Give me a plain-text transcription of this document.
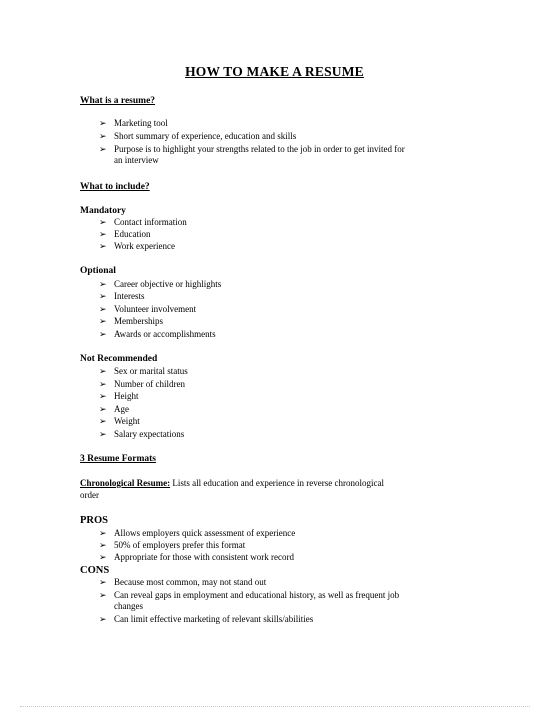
HOW TO MAKE A RESUME
What is a resume?
➢ Marketing tool
➢ Short summary of experience, education and skills
➢ Purpose is to highlight your strengths related to the job in order to get invited for
an interview
What to include?
Mandatory
➢ Contact information
➢ Education
➢ Work experience
Optional
➢ Career objective or highlights
➢ Interests
➢ Volunteer involvement
➢ Memberships
➢ Awards or accomplishments
Not Recommended
➢ Sex or marital status
➢ Number of children
➢ Height
➢ Age
➢ Weight
➢ Salary expectations
3 Resume Formats
Chronological Resume: Lists all education and experience in reverse chronological
order
PROS
➢ Allows employers quick assessment of experience
➢ 50% of employers prefer this format
➢ Appropriate for those with consistent work record
CONS
➢ Because most common, may not stand out
➢ Can reveal gaps in employment and educational history, as well as frequent job
changes
➢ Can limit effective marketing of relevant skills/abilities
